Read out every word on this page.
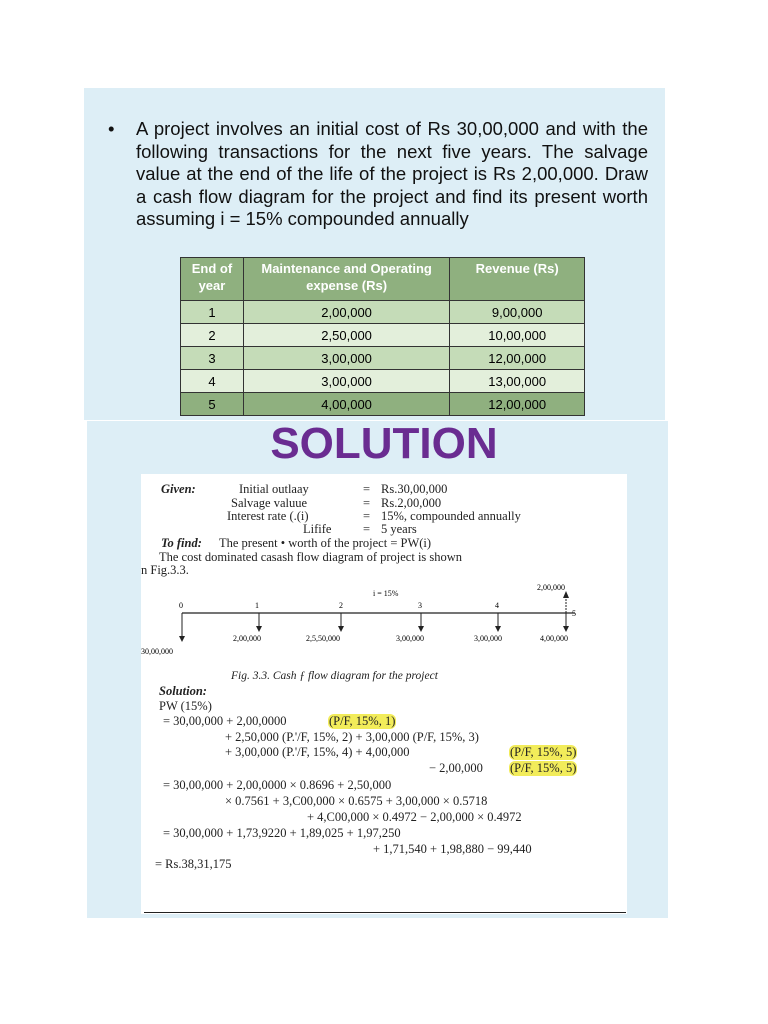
• A project involves an initial cost of Rs 30,00,000 and with the following transactions for the next five years. The salvage value at the end of the life of the project is Rs 2,00,000. Draw a cash flow diagram for the project and find its present worth assuming i = 15% compounded annually
End of year	Maintenance and Operating expense (Rs)	Revenue (Rs)
1	2,00,000	9,00,000
2	2,50,000	10,00,000
3	3,00,000	12,00,000
4	3,00,000	13,00,000
5	4,00,000	12,00,000
SOLUTION
Given:	Initial outlaay	= Rs.30,00,000
Salvage valuue	= Rs.2,00,000
Interest rate (.(i)	= 15%, compounded annually
Lifife	= 5 years
To find: The present • worth of the project = PW(i)
The cost dominated casash flow diagram of project is shown
n Fig.3.3.
i = 15%
0	1	2	3	4
5
2,00,000
2,00,000	2,5,50,000	3,00,000	3,00,000	4,00,000
30,00,000
Fig. 3.3. Cash ƒ flow diagram for the project
Solution:
PW (15%)
= 30,00,000 + 2,00,0000	(P/F, 15%, 1)
+ 2,50,000 (P.'/F, 15%, 2) + 3,00,000 (P/F, 15%, 3)
+ 3,00,000 (P.'/F, 15%, 4) + 4,00,000	(P/F, 15%, 5)
− 2,00,000 (P/F, 15%, 5)
= 30,00,000 + 2,00,0000 × 0.8696 + 2,50,000
× 0.7561 + 3,C00,000 × 0.6575 + 3,00,000 × 0.5718
+ 4,C00,000 × 0.4972 − 2,00,000 × 0.4972
= 30,00,000 + 1,73,9220 + 1,89,025 + 1,97,250
+ 1,71,540 + 1,98,880 − 99,440
= Rs.38,31,175
